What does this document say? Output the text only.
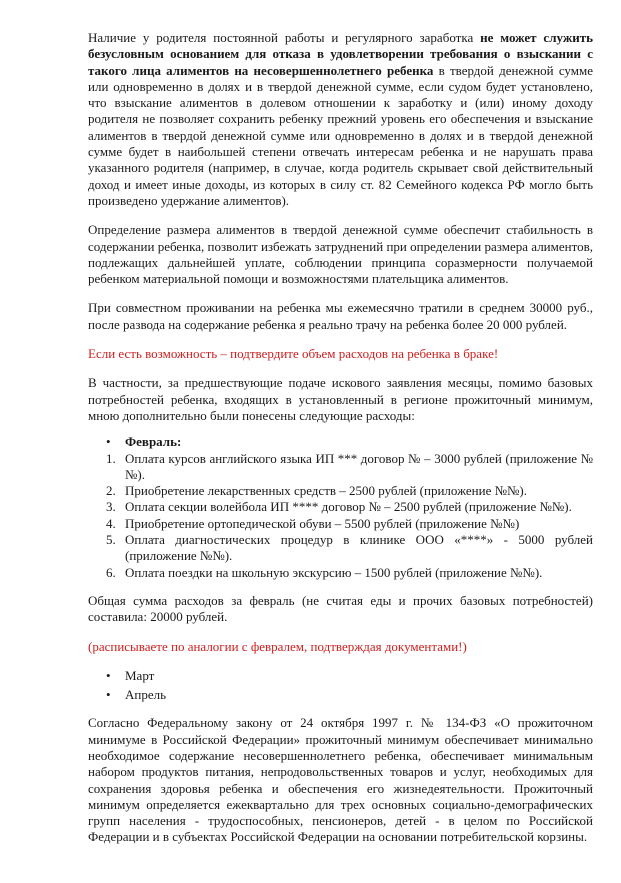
Наличие у родителя постоянной работы и регулярного заработка не может служить безусловным основанием для отказа в удовлетворении требования о взыскании с такого лица алиментов на несовершеннолетнего ребенка в твердой денежной сумме или одновременно в долях и в твердой денежной сумме, если судом будет установлено, что взыскание алиментов в долевом отношении к заработку и (или) иному доходу родителя не позволяет сохранить ребенку прежний уровень его обеспечения и взыскание алиментов в твердой денежной сумме или одновременно в долях и в твердой денежной сумме будет в наибольшей степени отвечать интересам ребенка и не нарушать права указанного родителя (например, в случае, когда родитель скрывает свой действительный доход и имеет иные доходы, из которых в силу ст. 82 Семейного кодекса РФ могло быть произведено удержание алиментов).

Определение размера алиментов в твердой денежной сумме обеспечит стабильность в содержании ребенка, позволит избежать затруднений при определении размера алиментов, подлежащих дальнейшей уплате, соблюдении принципа соразмерности получаемой ребенком материальной помощи и возможностями плательщика алиментов.

При совместном проживании на ребенка мы ежемесячно тратили в среднем 30000 руб., после развода на содержание ребенка я реально трачу на ребенка более 20 000 рублей.

Если есть возможность – подтвердите объем расходов на ребенка в браке!

В частности, за предшествующие подаче искового заявления месяцы, помимо базовых потребностей ребенка, входящих в установленный в регионе прожиточный минимум, мною дополнительно были понесены следующие расходы:

• Февраль:
1. Оплата курсов английского языка ИП *** договор № – 3000 рублей (приложение №№).
2. Приобретение лекарственных средств – 2500 рублей (приложение №№).
3. Оплата секции волейбола ИП **** договор № – 2500 рублей (приложение №№).
4. Приобретение ортопедической обуви – 5500 рублей (приложение №№)
5. Оплата диагностических процедур в клинике ООО «****» - 5000 рублей (приложение №№).
6. Оплата поездки на школьную экскурсию – 1500 рублей (приложение №№).

Общая сумма расходов за февраль (не считая еды и прочих базовых потребностей) составила: 20000 рублей.

(расписываете по аналогии с февралем, подтверждая документами!)

• Март
• Апрель

Согласно Федеральному закону от 24 октября 1997 г. № 134-ФЗ «О прожиточном минимуме в Российской Федерации» прожиточный минимум обеспечивает минимально необходимое содержание несовершеннолетнего ребенка, обеспечивает минимальным набором продуктов питания, непродовольственных товаров и услуг, необходимых для сохранения здоровья ребенка и обеспечения его жизнедеятельности. Прожиточный минимум определяется ежеквартально для трех основных социально-демографических групп населения - трудоспособных, пенсионеров, детей - в целом по Российской Федерации и в субъектах Российской Федерации на основании потребительской корзины.
